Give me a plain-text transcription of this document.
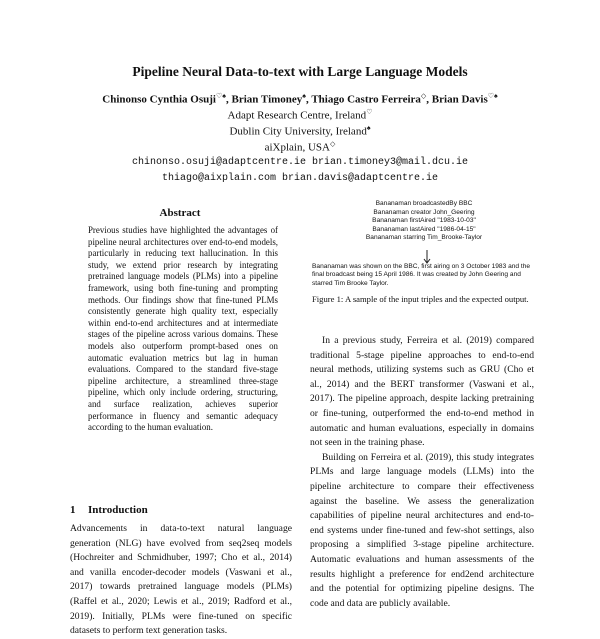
Pipeline Neural Data-to-text with Large Language Models
Chinonso Cynthia Osuji♡♠, Brian Timoney♠, Thiago Castro Ferreira◇, Brian Davis♡♠
Adapt Research Centre, Ireland♡
Dublin City University, Ireland♠
aiXplain, USA◇
chinonso.osuji@adaptcentre.ie brian.timoney3@mail.dcu.ie
thiago@aixplain.com brian.davis@adaptcentre.ie
Abstract
Previous studies have highlighted the advantages of pipeline neural architectures over end-to-end models, particularly in reducing text hallucination. In this study, we extend prior research by integrating pretrained language models (PLMs) into a pipeline framework, using both fine-tuning and prompting methods. Our findings show that fine-tuned PLMs consistently generate high quality text, especially within end-to-end architectures and at intermediate stages of the pipeline across various domains. These models also outperform prompt-based ones on automatic evaluation metrics but lag in human evaluations. Compared to the standard five-stage pipeline architecture, a streamlined three-stage pipeline, which only include ordering, structuring, and surface realization, achieves superior performance in fluency and semantic adequacy according to the human evaluation.
1 Introduction

Advancements in data-to-text natural language generation (NLG) have evolved from seq2seq models (Hochreiter and Schmidhuber, 1997; Cho et al., 2014) and vanilla encoder-decoder models (Vaswani et al., 2017) towards pretrained language models (PLMs) (Raffel et al., 2020; Lewis et al., 2019; Radford et al., 2019). Initially, PLMs were fine-tuned on specific datasets to perform text generation tasks.

Bananaman broadcastedBy BBC
Bananaman creator John_Geering
Bananaman firstAired "1983-10-03"
Bananaman lastAired "1986-04-15"
Bananaman starring Tim_Brooke-Taylor
Bananaman was shown on the BBC, first airing on 3 October 1983 and the final broadcast being 15 April 1986. It was created by John Geering and starred Tim Brooke Taylor.
Figure 1: A sample of the input triples and the expected output.

In a previous study, Ferreira et al. (2019) compared traditional 5-stage pipeline approaches to end-to-end neural methods, utilizing systems such as GRU (Cho et al., 2014) and the BERT transformer (Vaswani et al., 2017). The pipeline approach, despite lacking pretraining or fine-tuning, outperformed the end-to-end method in automatic and human evaluations, especially in domains not seen in the training phase.

Building on Ferreira et al. (2019), this study integrates PLMs and large language models (LLMs) into the pipeline architecture to compare their effectiveness against the baseline. We assess the generalization capabilities of pipeline neural architectures and end-to-end systems under fine-tuned and few-shot settings, also proposing a simplified 3-stage pipeline architecture. Automatic evaluations and human assessments of the results highlight a preference for end2end architecture and the potential for optimizing pipeline designs. The code and data are publicly available.
